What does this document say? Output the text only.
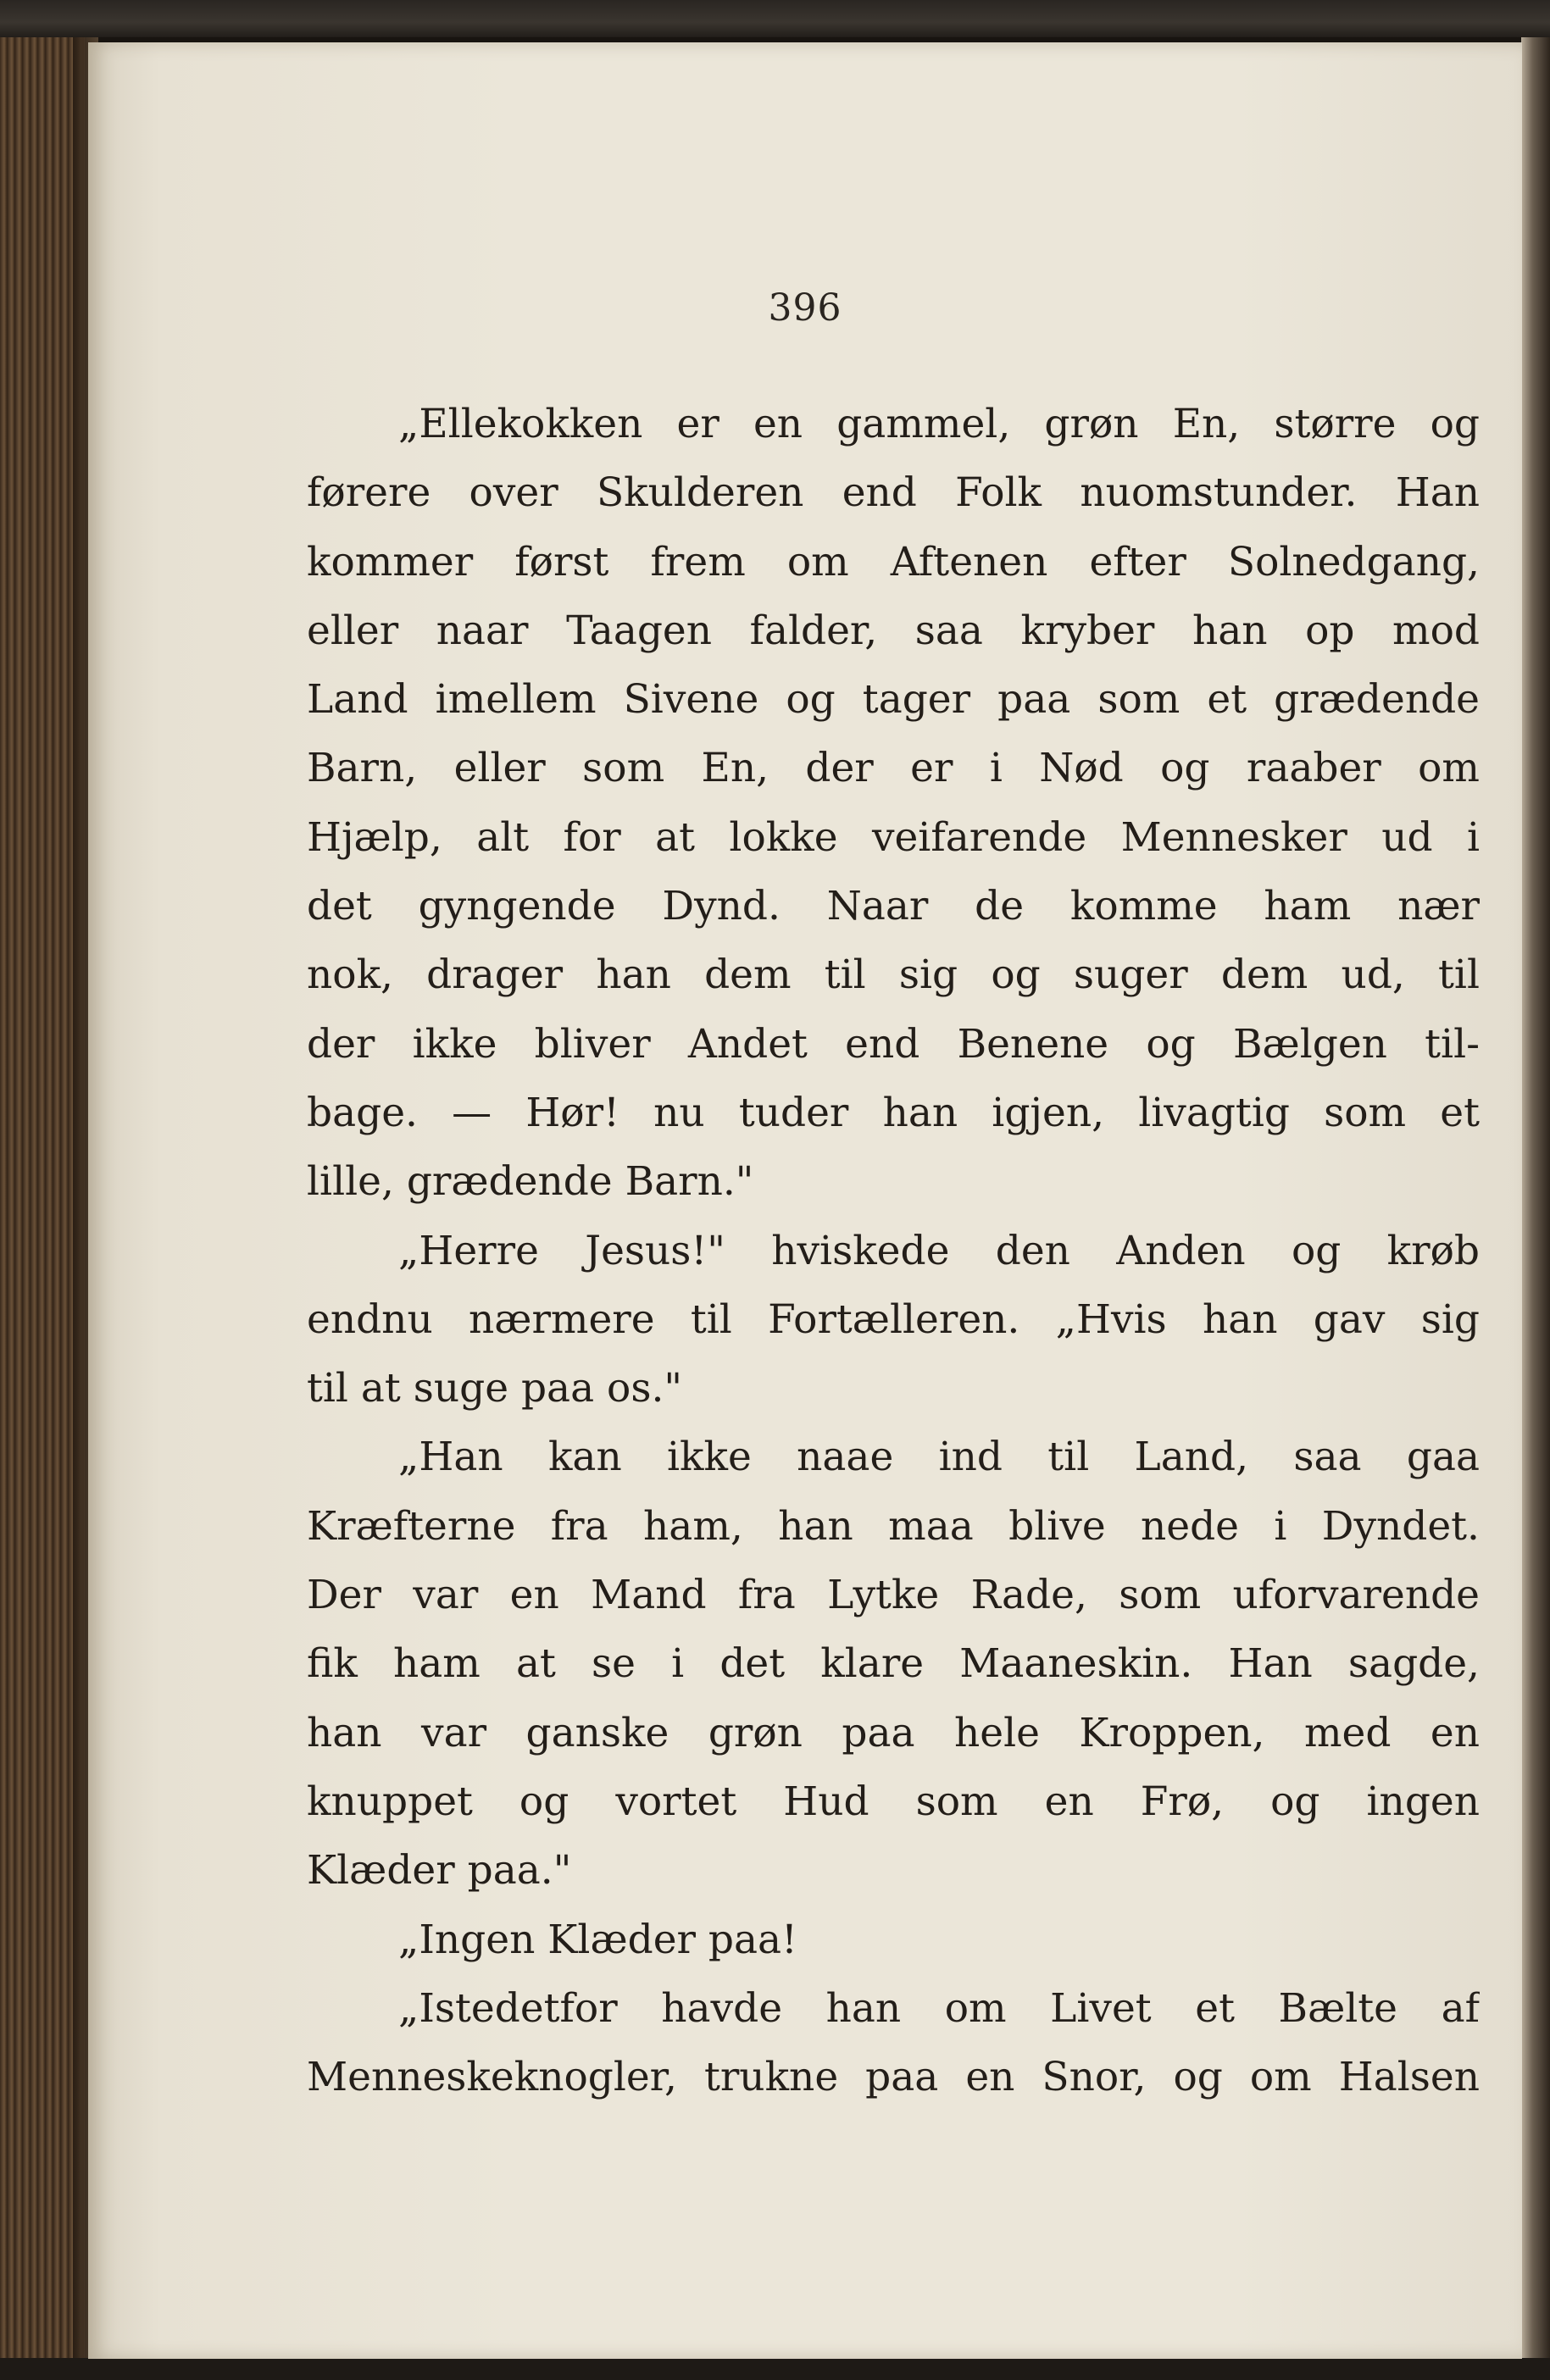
396
„Ellekokken er en gammel, grøn En, større og
førere over Skulderen end Folk nuomstunder. Han
kommer først frem om Aftenen efter Solnedgang,
eller naar Taagen falder, saa kryber han op mod
Land imellem Sivene og tager paa som et grædende
Barn, eller som En, der er i Nød og raaber om
Hjælp, alt for at lokke veifarende Mennesker ud i
det gyngende Dynd. Naar de komme ham nær
nok, drager han dem til sig og suger dem ud, til
der ikke bliver Andet end Benene og Bælgen til-
bage. — Hør! nu tuder han igjen, livagtig som et
lille, grædende Barn."
„Herre Jesus!" hviskede den Anden og krøb
endnu nærmere til Fortælleren. „Hvis han gav sig
til at suge paa os."
„Han kan ikke naae ind til Land, saa gaa
Kræfterne fra ham, han maa blive nede i Dyndet.
Der var en Mand fra Lytke Rade, som uforvarende
fik ham at se i det klare Maaneskin. Han sagde,
han var ganske grøn paa hele Kroppen, med en
knuppet og vortet Hud som en Frø, og ingen
Klæder paa."
„Ingen Klæder paa!
„Istedetfor havde han om Livet et Bælte af
Menneskeknogler, trukne paa en Snor, og om Halsen
